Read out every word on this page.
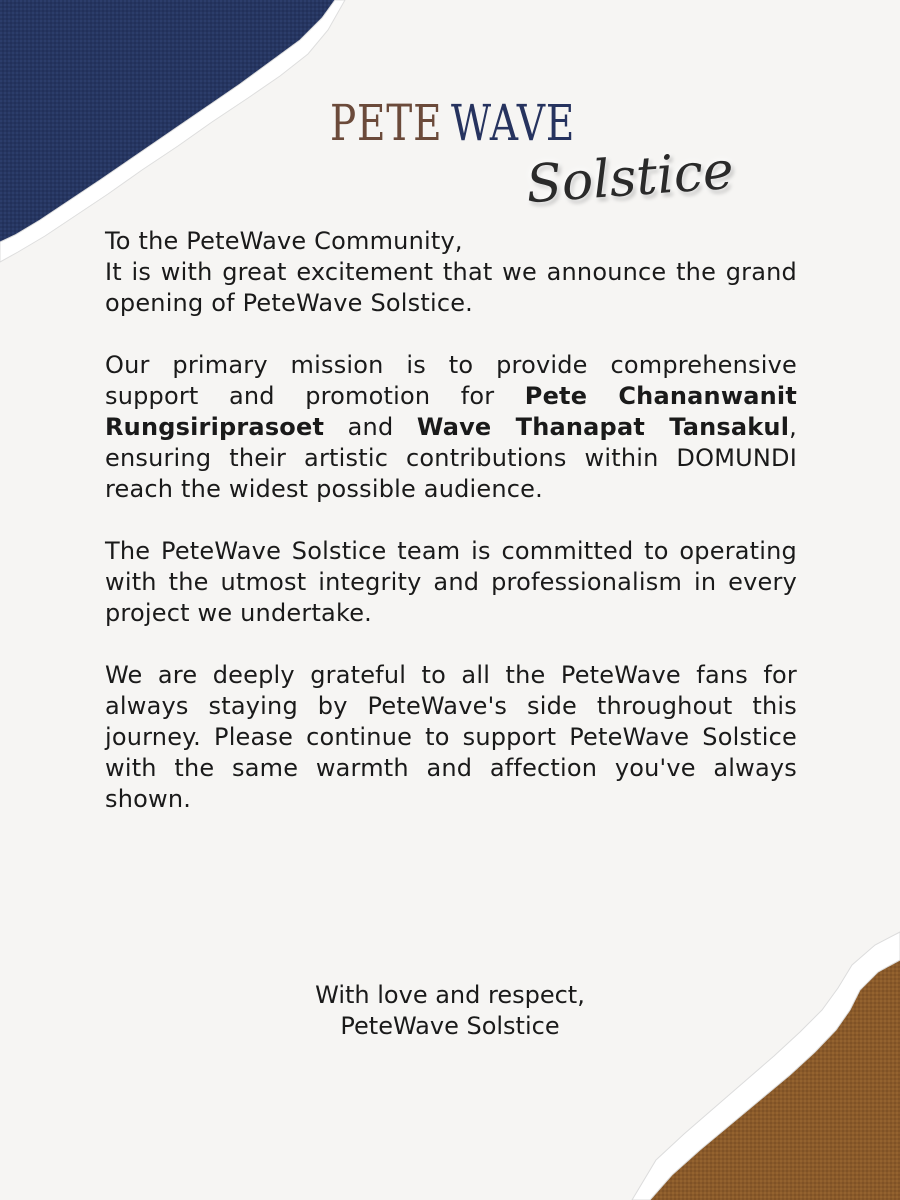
PETE WAVE
Solstice

To the PeteWave Community,
It is with great excitement that we announce the grand opening of PeteWave Solstice.

Our primary mission is to provide comprehensive support and promotion for Pete Chananwanit Rungsiriprasoet and Wave Thanapat Tansakul, ensuring their artistic contributions within DOMUNDI reach the widest possible audience.

The PeteWave Solstice team is committed to operating with the utmost integrity and professionalism in every project we undertake.

We are deeply grateful to all the PeteWave fans for always staying by PeteWave's side throughout this journey. Please continue to support PeteWave Solstice with the same warmth and affection you've always shown.

With love and respect,
PeteWave Solstice
